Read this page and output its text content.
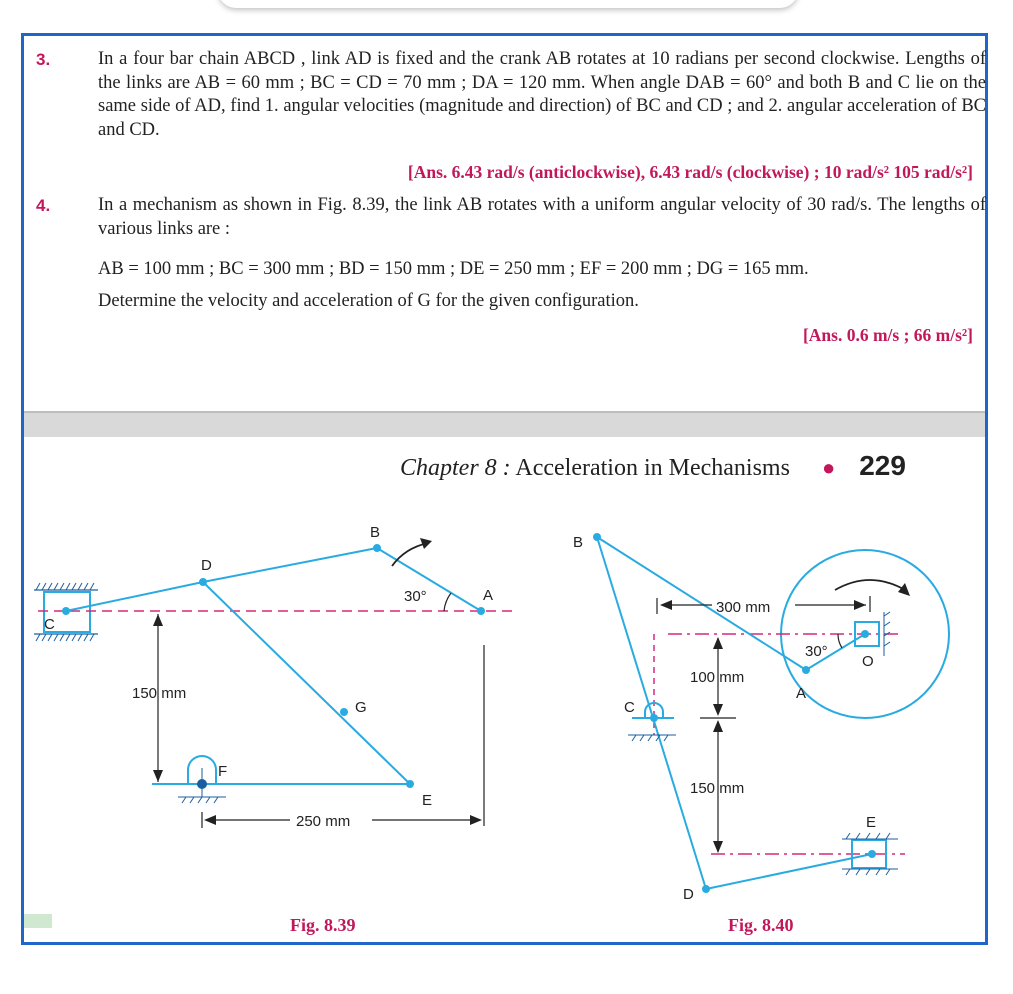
3.	In a four bar chain ABCD , link AD is fixed and the crank AB rotates at 10 radians per second clockwise. Lengths of the links are AB = 60 mm ; BC = CD = 70 mm ; DA = 120 mm. When angle DAB = 60° and both B and C lie on the same side of AD, find 1. angular velocities (magnitude and direction) of BC and CD ; and 2. angular acceleration of BC and CD.
[Ans. 6.43 rad/s (anticlockwise), 6.43 rad/s (clockwise) ; 10 rad/s² 105 rad/s²]
4.	In a mechanism as shown in Fig. 8.39, the link AB rotates with a uniform angular velocity of 30 rad/s. The lengths of various links are :
AB = 100 mm ; BC = 300 mm ; BD = 150 mm ; DE = 250 mm ; EF = 200 mm ; DG = 165 mm.
Determine the velocity and acceleration of G for the given configuration.
[Ans. 0.6 m/s ; 66 m/s²]
Chapter 8 : Acceleration in Mechanisms ● 229
C
D
B
A
G
E
F
30°
150 mm
250 mm
B
A
C
D
E
O
30°
300 mm
100 mm
150 mm
Fig. 8.39	Fig. 8.40
